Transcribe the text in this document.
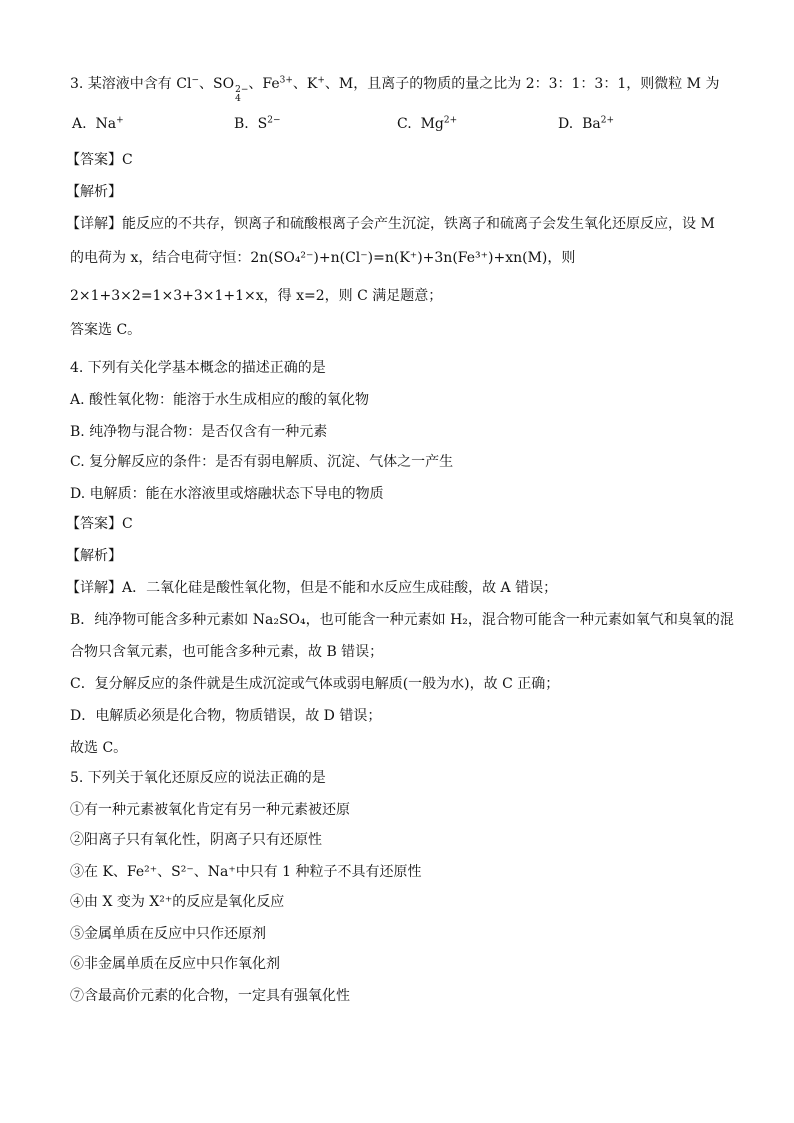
3. 某溶液中含有 Cl−、SO 2−
4
、$Fe^{3+}$、K+、M，且离子的物质的量之比为 2：3：1：3：1，则微粒 M 为
A. Na+	B. $S^{2-}$	C. $Mg^{2+}$	D. $Ba^{2+}$
【答案】C
【解析】
【详解】能反应的不共存，钡离子和硫酸根离子会产生沉淀，铁离子和硫离子会发生氧化还原反应，设 M
的电荷为 x，结合电荷守恒：2n(SO₄²⁻)+n(Cl⁻)=n(K⁺)+3n(Fe³⁺)+xn(M)，则
2×1+3×2=1×3+3×1+1×x，得 x=2，则 C 满足题意；
答案选 C。
4. 下列有关化学基本概念的描述正确的是
A. 酸性氧化物：能溶于水生成相应的酸的氧化物
B. 纯净物与混合物：是否仅含有一种元素
C. 复分解反应的条件：是否有弱电解质、沉淀、气体之一产生
D. 电解质：能在水溶液里或熔融状态下导电的物质
【答案】C
【解析】
【详解】A．二氧化硅是酸性氧化物，但是不能和水反应生成硅酸，故 A 错误；
B．纯净物可能含多种元素如 Na₂SO₄，也可能含一种元素如 H₂，混合物可能含一种元素如氧气和臭氧的混
合物只含氧元素，也可能含多种元素，故 B 错误；
C．复分解反应的条件就是生成沉淀或气体或弱电解质(一般为水)，故 C 正确；
D．电解质必须是化合物，物质错误，故 D 错误；
故选 C。
5. 下列关于氧化还原反应的说法正确的是
①有一种元素被氧化肯定有另一种元素被还原
②阳离子只有氧化性，阴离子只有还原性
③在 K、Fe²⁺、S²⁻、Na⁺中只有 1 种粒子不具有还原性
④由 X 变为 X²⁺的反应是氧化反应
⑤金属单质在反应中只作还原剂
⑥非金属单质在反应中只作氧化剂
⑦含最高价元素的化合物，一定具有强氧化性
